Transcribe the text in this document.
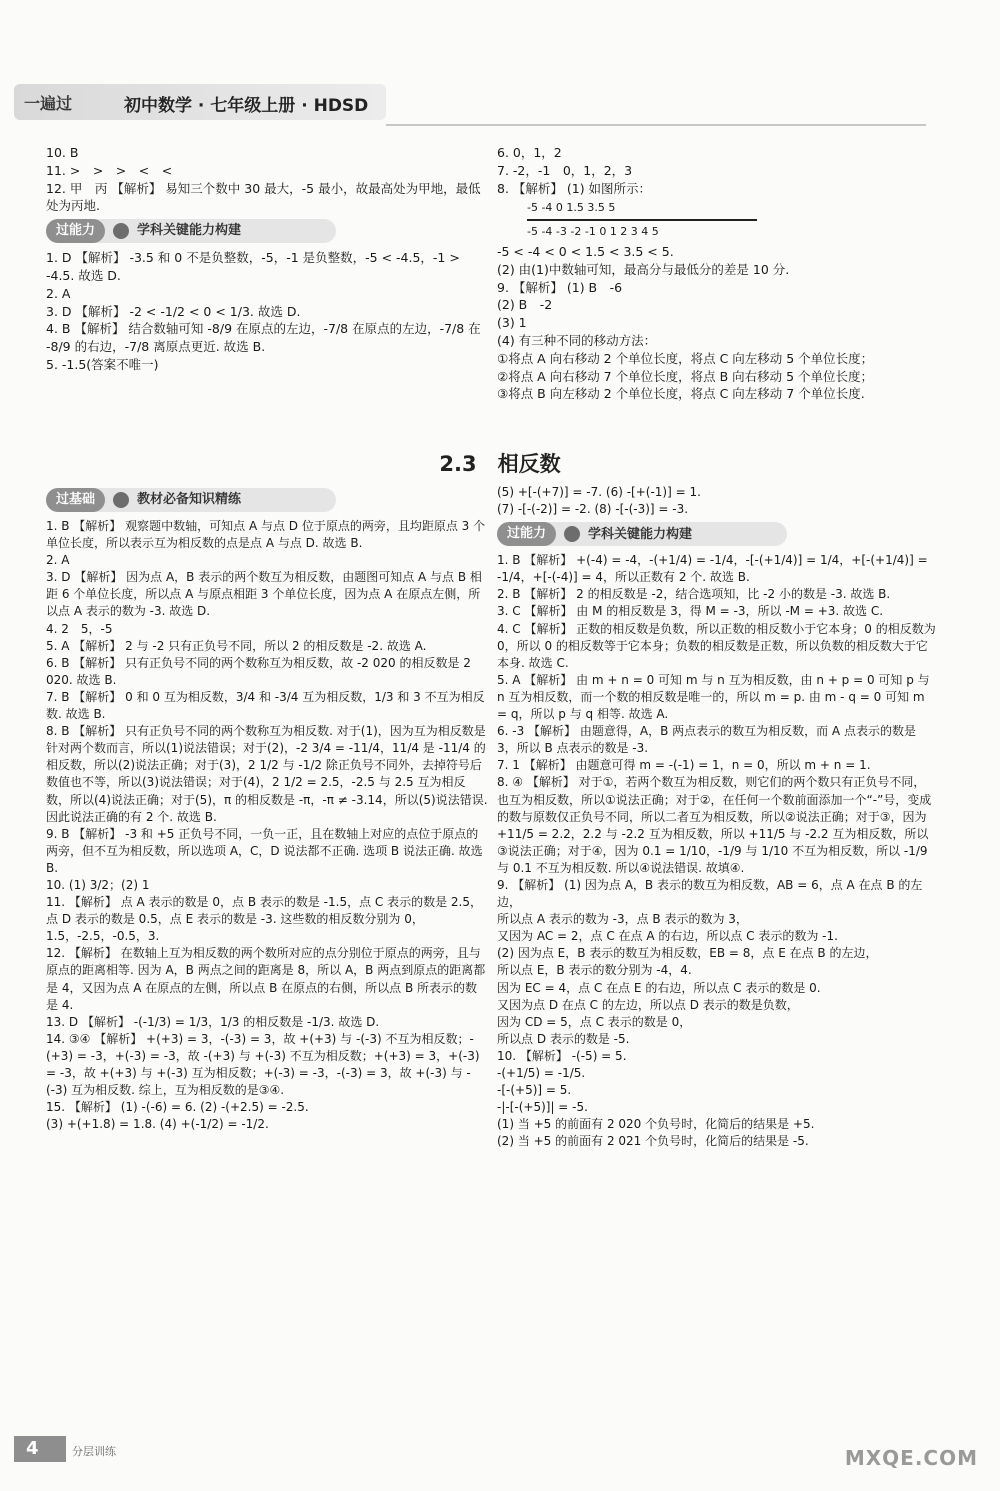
一遍过	初中数学 · 七年级上册 · HDSD

10. B

11. >　>　>　<　<

12. 甲　丙 【解析】 易知三个数中 30 最大，-5 最小，故最高处为甲地，最低处为丙地.

过能力	学科关键能力构建

1. D 【解析】 -3.5 和 0 不是负整数，-5，-1 是负整数，-5 < -4.5，-1 > -4.5. 故选 D.

2. A

3. D 【解析】 -2 < -1/2 < 0 < 1/3. 故选 D.

4. B 【解析】 结合数轴可知 -8/9 在原点的左边，-7/8 在原点的左边，-7/8 在 -8/9 的右边，-7/8 离原点更近. 故选 B.

5. -1.5(答案不唯一)

6. 0，1，2

7. -2，-1　0，1，2，3

8. 【解析】 (1) 如图所示：

-5 -4 0 1.5 3.5 5
-5 -4 -3 -2 -1 0 1 2 3 4 5

-5 < -4 < 0 < 1.5 < 3.5 < 5.

(2) 由(1)中数轴可知，最高分与最低分的差是 10 分.

9. 【解析】 (1) B　-6

(2) B　-2

(3) 1

(4) 有三种不同的移动方法：

①将点 A 向右移动 2 个单位长度，将点 C 向左移动 5 个单位长度；

②将点 A 向右移动 7 个单位长度，将点 B 向右移动 5 个单位长度；

③将点 B 向左移动 2 个单位长度，将点 C 向左移动 7 个单位长度.

2.3　相反数
过基础	教材必备知识精练

1. B 【解析】 观察题中数轴，可知点 A 与点 D 位于原点的两旁，且均距原点 3 个单位长度，所以表示互为相反数的点是点 A 与点 D. 故选 B.

2. A

3. D 【解析】 因为点 A，B 表示的两个数互为相反数，由题图可知点 A 与点 B 相距 6 个单位长度，所以点 A 与原点相距 3 个单位长度，因为点 A 在原点左侧，所以点 A 表示的数为 -3. 故选 D.

4. 2　5，-5

5. A 【解析】 2 与 -2 只有正负号不同，所以 2 的相反数是 -2. 故选 A.

6. B 【解析】 只有正负号不同的两个数称互为相反数，故 -2 020 的相反数是 2 020. 故选 B.

7. B 【解析】 0 和 0 互为相反数，3/4 和 -3/4 互为相反数，1/3 和 3 不互为相反数. 故选 B.

8. B 【解析】 只有正负号不同的两个数称互为相反数. 对于(1)，因为互为相反数是针对两个数而言，所以(1)说法错误；对于(2)，-2 3/4 = -11/4，11/4 是 -11/4 的相反数，所以(2)说法正确；对于(3)，2 1/2 与 -1/2 除正负号不同外，去掉符号后数值也不等，所以(3)说法错误；对于(4)，2 1/2 = 2.5，-2.5 与 2.5 互为相反数，所以(4)说法正确；对于(5)，π 的相反数是 -π，-π ≠ -3.14，所以(5)说法错误. 因此说法正确的有 2 个. 故选 B.

9. B 【解析】 -3 和 +5 正负号不同，一负一正，且在数轴上对应的点位于原点的两旁，但不互为相反数，所以选项 A，C，D 说法都不正确. 选项 B 说法正确. 故选 B.

10. (1) 3/2；(2) 1

11. 【解析】 点 A 表示的数是 0，点 B 表示的数是 -1.5，点 C 表示的数是 2.5，点 D 表示的数是 0.5，点 E 表示的数是 -3. 这些数的相反数分别为 0，1.5，-2.5，-0.5，3.

12. 【解析】 在数轴上互为相反数的两个数所对应的点分别位于原点的两旁，且与原点的距离相等. 因为 A，B 两点之间的距离是 8，所以 A，B 两点到原点的距离都是 4，又因为点 A 在原点的左侧，所以点 B 在原点的右侧，所以点 B 所表示的数是 4.

13. D 【解析】 -(-1/3) = 1/3，1/3 的相反数是 -1/3. 故选 D.

14. ③④ 【解析】 +(+3) = 3，-(-3) = 3，故 +(+3) 与 -(-3) 不互为相反数；-(+3) = -3，+(-3) = -3，故 -(+3) 与 +(-3) 不互为相反数；+(+3) = 3，+(-3) = -3，故 +(+3) 与 +(-3) 互为相反数；+(-3) = -3，-(-3) = 3，故 +(-3) 与 -(-3) 互为相反数. 综上，互为相反数的是③④.

15. 【解析】 (1) -(-6) = 6. (2) -(+2.5) = -2.5.

(3) +(+1.8) = 1.8. (4) +(-1/2) = -1/2.

(5) +[-(+7)] = -7. (6) -[+(-1)] = 1.

(7) -[-(-2)] = -2. (8) -[-(-3)] = -3.

过能力	学科关键能力构建

1. B 【解析】 +(-4) = -4，-(+1/4) = -1/4，-[-(+1/4)] = 1/4，+[-(+1/4)] = -1/4，+[-(-4)] = 4，所以正数有 2 个. 故选 B.

2. B 【解析】 2 的相反数是 -2，结合选项知，比 -2 小的数是 -3. 故选 B.

3. C 【解析】 由 M 的相反数是 3，得 M = -3，所以 -M = +3. 故选 C.

4. C 【解析】 正数的相反数是负数，所以正数的相反数小于它本身；0 的相反数为 0，所以 0 的相反数等于它本身；负数的相反数是正数，所以负数的相反数大于它本身. 故选 C.

5. A 【解析】 由 m + n = 0 可知 m 与 n 互为相反数，由 n + p = 0 可知 p 与 n 互为相反数，而一个数的相反数是唯一的，所以 m = p. 由 m - q = 0 可知 m = q，所以 p 与 q 相等. 故选 A.

6. -3 【解析】 由题意得，A，B 两点表示的数互为相反数，而 A 点表示的数是 3，所以 B 点表示的数是 -3.

7. 1 【解析】 由题意可得 m = -(-1) = 1，n = 0，所以 m + n = 1.

8. ④ 【解析】 对于①，若两个数互为相反数，则它们的两个数只有正负号不同，也互为相反数，所以①说法正确；对于②，在任何一个数前面添加一个“-”号，变成的数与原数仅正负号不同，所以二者互为相反数，所以②说法正确；对于③，因为 +11/5 = 2.2，2.2 与 -2.2 互为相反数，所以 +11/5 与 -2.2 互为相反数，所以③说法正确；对于④，因为 0.1 = 1/10，-1/9 与 1/10 不互为相反数，所以 -1/9 与 0.1 不互为相反数. 所以④说法错误. 故填④.

9. 【解析】 (1) 因为点 A，B 表示的数互为相反数，AB = 6，点 A 在点 B 的左边，

所以点 A 表示的数为 -3，点 B 表示的数为 3，

又因为 AC = 2，点 C 在点 A 的右边，所以点 C 表示的数为 -1.

(2) 因为点 E，B 表示的数互为相反数，EB = 8，点 E 在点 B 的左边，

所以点 E，B 表示的数分别为 -4，4.

因为 EC = 4，点 C 在点 E 的右边，所以点 C 表示的数是 0.

又因为点 D 在点 C 的左边，所以点 D 表示的数是负数，

因为 CD = 5，点 C 表示的数是 0，

所以点 D 表示的数是 -5.

10. 【解析】 -(-5) = 5.

-(+1/5) = -1/5.

-[-(+5)] = 5.

-|-[-(+5)]| = -5.

(1) 当 +5 的前面有 2 020 个负号时，化简后的结果是 +5.

(2) 当 +5 的前面有 2 021 个负号时，化简后的结果是 -5.

4	分层训练	MXQE.COM
